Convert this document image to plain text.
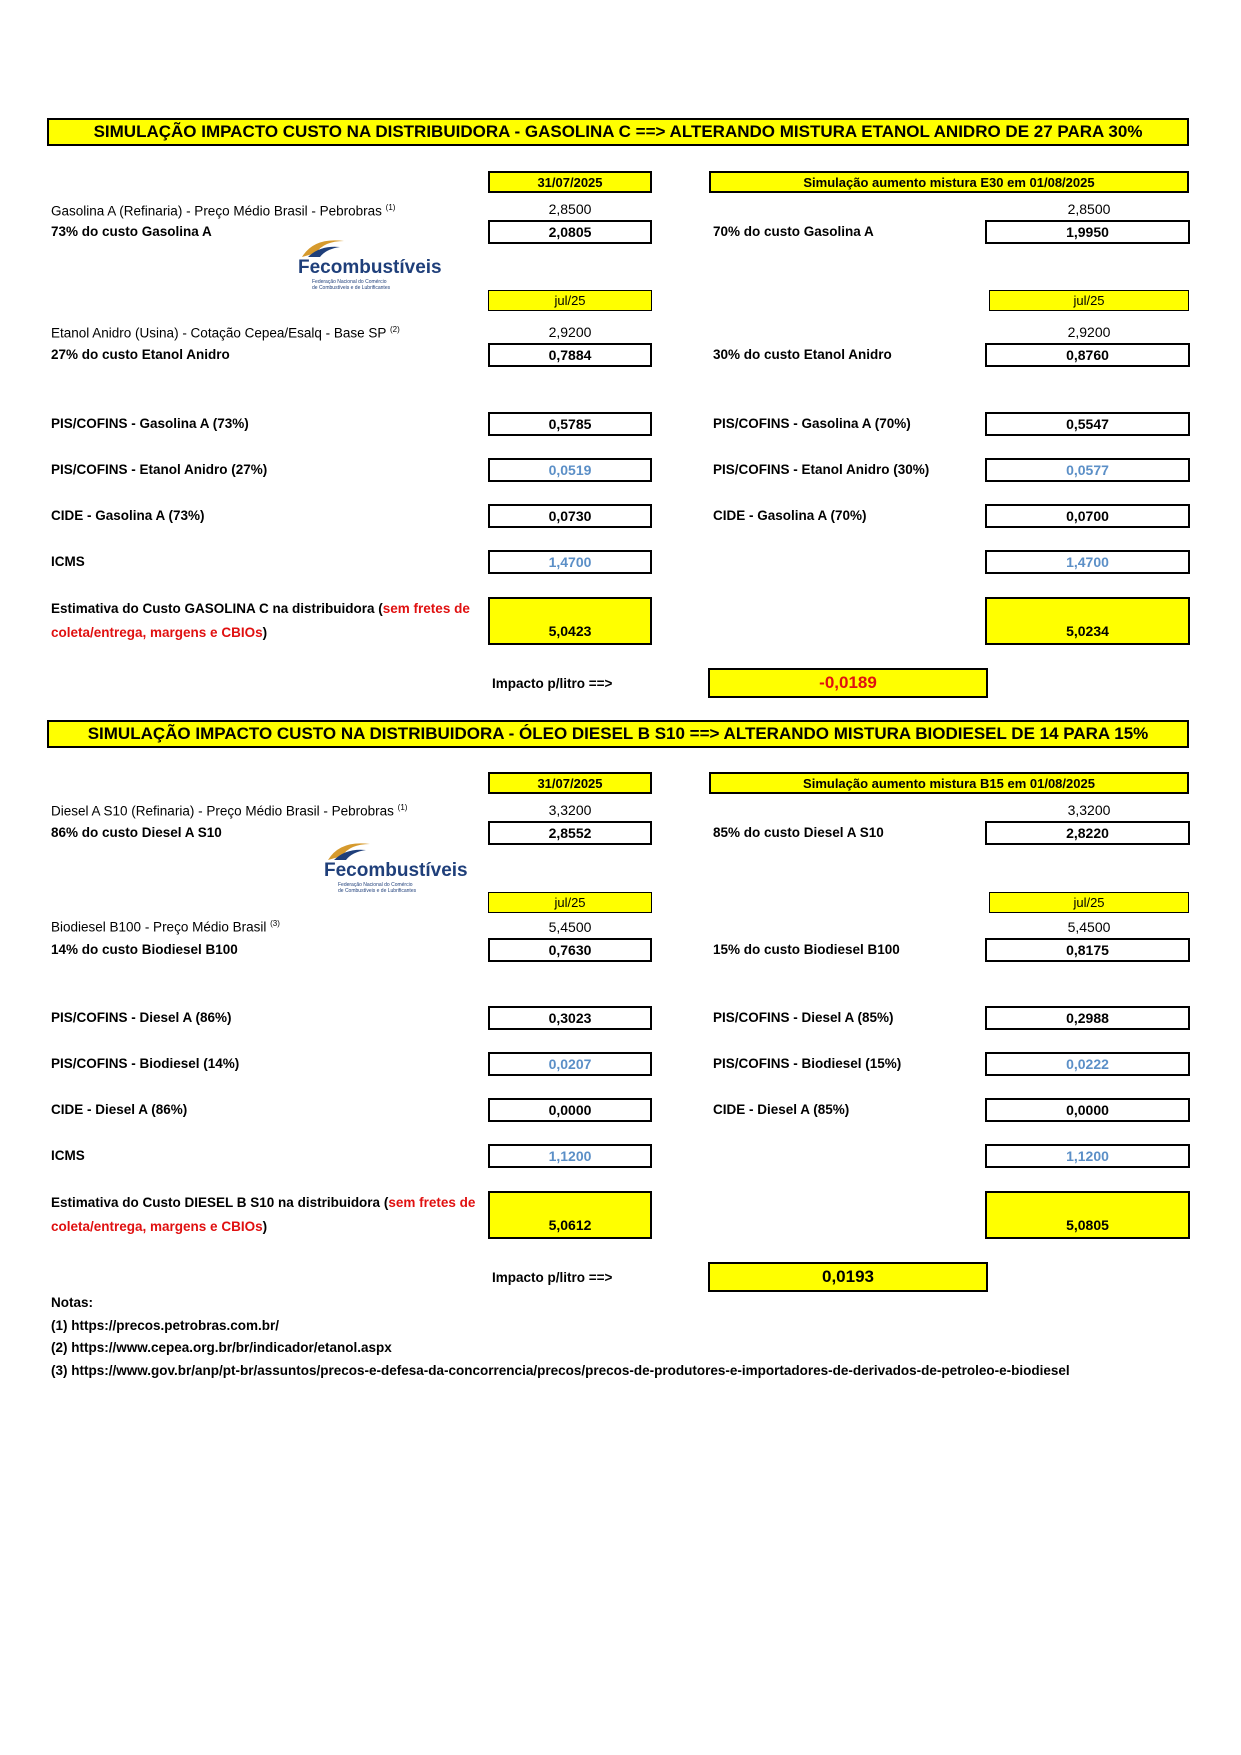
SIMULAÇÃO IMPACTO CUSTO NA DISTRIBUIDORA - GASOLINA C ==> ALTERANDO MISTURA ETANOL ANIDRO DE 27 PARA 30%
31/07/2025	Simulação aumento mistura E30 em 01/08/2025
Gasolina A (Refinaria) - Preço Médio Brasil - Pebrobras $^{(1)}$	2,8500	2,8500
73% do custo Gasolina A	2,0805	70% do custo Gasolina A	1,9950
Fecombustíveis
Federação Nacional do Comércio
de Combustíveis e de Lubrificantes
jul/25	jul/25
Etanol Anidro (Usina) - Cotação Cepea/Esalq - Base SP $^{(2)}$	2,9200	2,9200
27% do custo Etanol Anidro	0,7884	30% do custo Etanol Anidro	0,8760
PIS/COFINS - Gasolina A (73%)	0,5785	PIS/COFINS - Gasolina A (70%)	0,5547
PIS/COFINS - Etanol Anidro (27%)	0,0519	PIS/COFINS - Etanol Anidro (30%)	0,0577
CIDE - Gasolina A (73%)	0,0730	CIDE - Gasolina A (70%)	0,0700
ICMS	1,4700	1,4700
Estimativa do Custo GASOLINA C na distribuidora (sem fretes de coleta/entrega, margens e CBIOs)	5,0423	5,0234
Impacto p/litro ==>	-0,0189
SIMULAÇÃO IMPACTO CUSTO NA DISTRIBUIDORA - ÓLEO DIESEL B S10 ==> ALTERANDO MISTURA BIODIESEL DE 14 PARA 15%
31/07/2025	Simulação aumento mistura B15 em 01/08/2025
Diesel A S10 (Refinaria) - Preço Médio Brasil - Pebrobras $^{(1)}$	3,3200	3,3200
86% do custo Diesel A S10	2,8552	85% do custo Diesel A S10	2,8220
Fecombustíveis
Federação Nacional do Comércio
de Combustíveis e de Lubrificantes
jul/25	jul/25
Biodiesel B100 - Preço Médio Brasil $^{(3)}$	5,4500	5,4500
14% do custo Biodiesel B100	0,7630	15% do custo Biodiesel B100	0,8175
PIS/COFINS - Diesel A (86%)	0,3023	PIS/COFINS - Diesel A (85%)	0,2988
PIS/COFINS - Biodiesel (14%)	0,0207	PIS/COFINS - Biodiesel (15%)	0,0222
CIDE - Diesel A (86%)	0,0000	CIDE - Diesel A (85%)	0,0000
ICMS	1,1200	1,1200
Estimativa do Custo DIESEL B S10 na distribuidora (sem fretes de coleta/entrega, margens e CBIOs)	5,0612	5,0805
Impacto p/litro ==>	0,0193
Notas:
(1) https://precos.petrobras.com.br/
(2) https://www.cepea.org.br/br/indicador/etanol.aspx
(3) https://www.gov.br/anp/pt-br/assuntos/precos-e-defesa-da-concorrencia/precos/precos-de-produtores-e-importadores-de-derivados-de-petroleo-e-biodiesel
